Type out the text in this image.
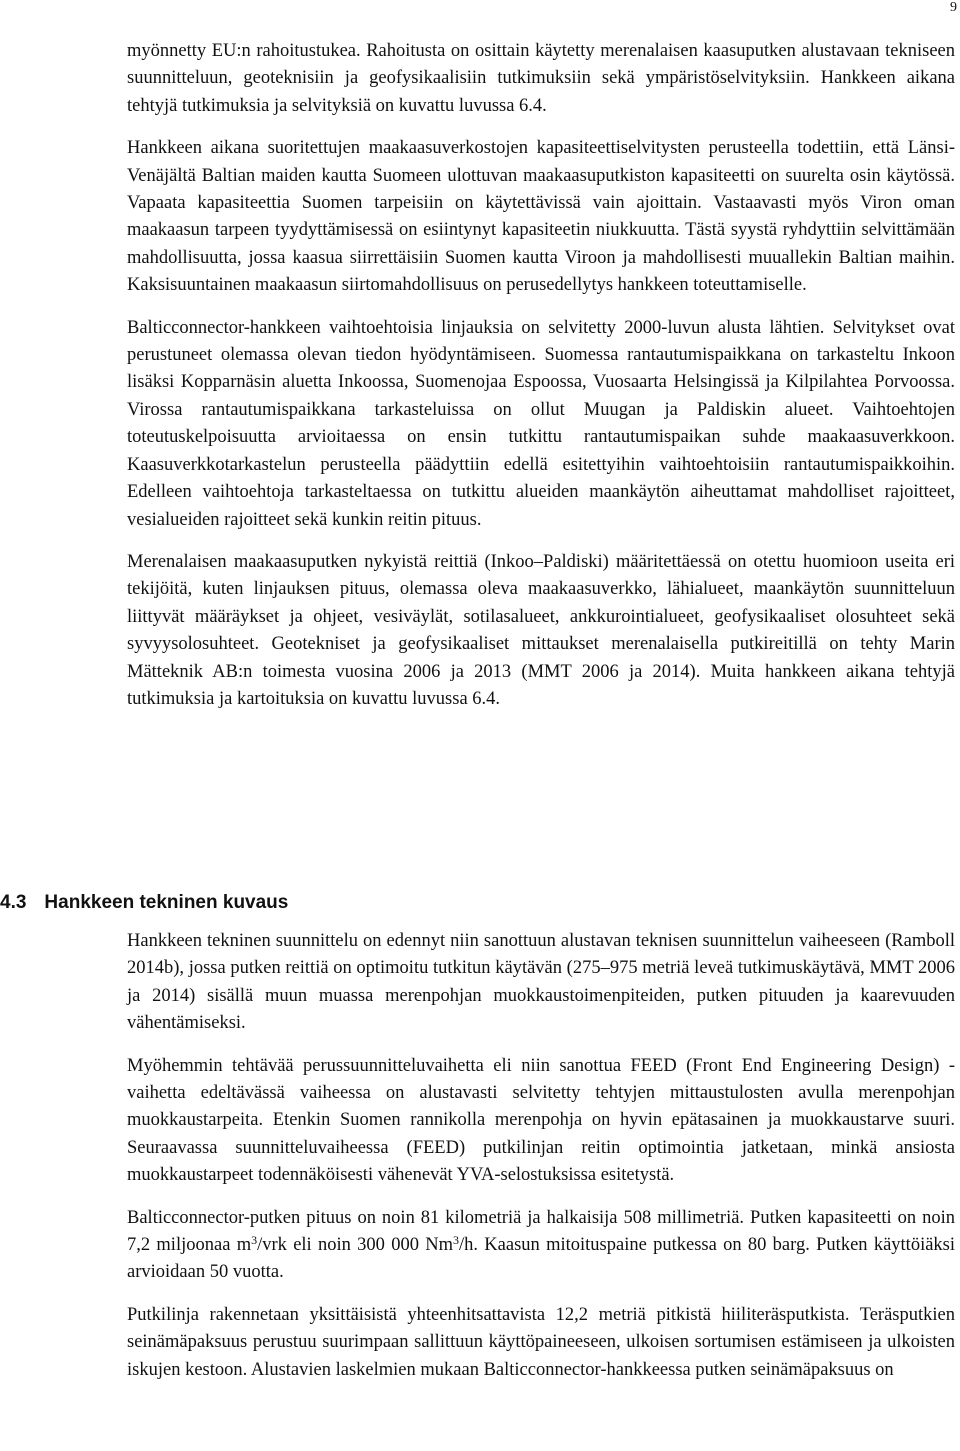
9

myönnetty EU:n rahoitustukea. Rahoitusta on osittain käytetty merenalaisen kaasuputken alustavaan tekniseen suunnitteluun, geoteknisiin ja geofysikaalisiin tutkimuksiin sekä ympäristöselvityksiin. Hankkeen aikana tehtyjä tutkimuksia ja selvityksiä on kuvattu luvussa 6.4.

Hankkeen aikana suoritettujen maakaasuverkostojen kapasiteettiselvitysten perusteella todettiin, että Länsi-Venäjältä Baltian maiden kautta Suomeen ulottuvan maakaasuputkiston kapasiteetti on suurelta osin käytössä. Vapaata kapasiteettia Suomen tarpeisiin on käytettävissä vain ajoittain. Vastaavasti myös Viron oman maakaasun tarpeen tyydyttämisessä on esiintynyt kapasiteetin niukkuutta. Tästä syystä ryhdyttiin selvittämään mahdollisuutta, jossa kaasua siirrettäisiin Suomen kautta Viroon ja mahdollisesti muuallekin Baltian maihin. Kaksisuuntainen maakaasun siirtomahdollisuus on perusedellytys hankkeen toteuttamiselle.

Balticconnector-hankkeen vaihtoehtoisia linjauksia on selvitetty 2000-luvun alusta lähtien. Selvitykset ovat perustuneet olemassa olevan tiedon hyödyntämiseen. Suomessa rantautumispaikkana on tarkasteltu Inkoon lisäksi Kopparnäsin aluetta Inkoossa, Suomenojaa Espoossa, Vuosaarta Helsingissä ja Kilpilahtea Porvoossa. Virossa rantautumispaikkana tarkasteluissa on ollut Muugan ja Paldiskin alueet. Vaihtoehtojen toteutuskelpoisuutta arvioitaessa on ensin tutkittu rantautumispaikan suhde maakaasuverkkoon. Kaasuverkkotarkastelun perusteella päädyttiin edellä esitettyihin vaihtoehtoisiin rantautumispaikkoihin. Edelleen vaihtoehtoja tarkasteltaessa on tutkittu alueiden maankäytön aiheuttamat mahdolliset rajoitteet, vesialueiden rajoitteet sekä kunkin reitin pituus.

Merenalaisen maakaasuputken nykyistä reittiä (Inkoo–Paldiski) määritettäessä on otettu huomioon useita eri tekijöitä, kuten linjauksen pituus, olemassa oleva maakaasuverkko, lähialueet, maankäytön suunnitteluun liittyvät määräykset ja ohjeet, vesiväylät, sotilasalueet, ankkurointialueet, geofysikaaliset olosuhteet sekä syvyysolosuhteet. Geotekniset ja geofysikaaliset mittaukset merenalaisella putkireitillä on tehty Marin Mätteknik AB:n toimesta vuosina 2006 ja 2013 (MMT 2006 ja 2014). Muita hankkeen aikana tehtyjä tutkimuksia ja kartoituksia on kuvattu luvussa 6.4.

4.3 Hankkeen tekninen kuvaus

Hankkeen tekninen suunnittelu on edennyt niin sanottuun alustavan teknisen suunnittelun vaiheeseen (Ramboll 2014b), jossa putken reittiä on optimoitu tutkitun käytävän (275–975 metriä leveä tutkimuskäytävä, MMT 2006 ja 2014) sisällä muun muassa merenpohjan muokkaustoimenpiteiden, putken pituuden ja kaarevuuden vähentämiseksi.

Myöhemmin tehtävää perussuunnitteluvaihetta eli niin sanottua FEED (Front End Engineering Design) -vaihetta edeltävässä vaiheessa on alustavasti selvitetty tehtyjen mittaustulosten avulla merenpohjan muokkaustarpeita. Etenkin Suomen rannikolla merenpohja on hyvin epätasainen ja muokkaustarve suuri. Seuraavassa suunnitteluvaiheessa (FEED) putkilinjan reitin optimointia jatketaan, minkä ansiosta muokkaustarpeet todennäköisesti vähenevät YVA-selostuksissa esitetystä.

Balticconnector-putken pituus on noin 81 kilometriä ja halkaisija 508 millimetriä. Putken kapasiteetti on noin 7,2 miljoonaa $m^3$/vrk eli noin 300 000 Nm$^3$/h. Kaasun mitoituspaine putkessa on 80 barg. Putken käyttöiäksi arvioidaan 50 vuotta.

Putkilinja rakennetaan yksittäisistä yhteenhitsattavista 12,2 metriä pitkistä hiiliteräsputkista. Teräsputkien seinämäpaksuus perustuu suurimpaan sallittuun käyttöpaineeseen, ulkoisen sortumisen estämiseen ja ulkoisten iskujen kestoon. Alustavien laskelmien mukaan Balticconnector-hankkeessa putken seinämäpaksuus on
